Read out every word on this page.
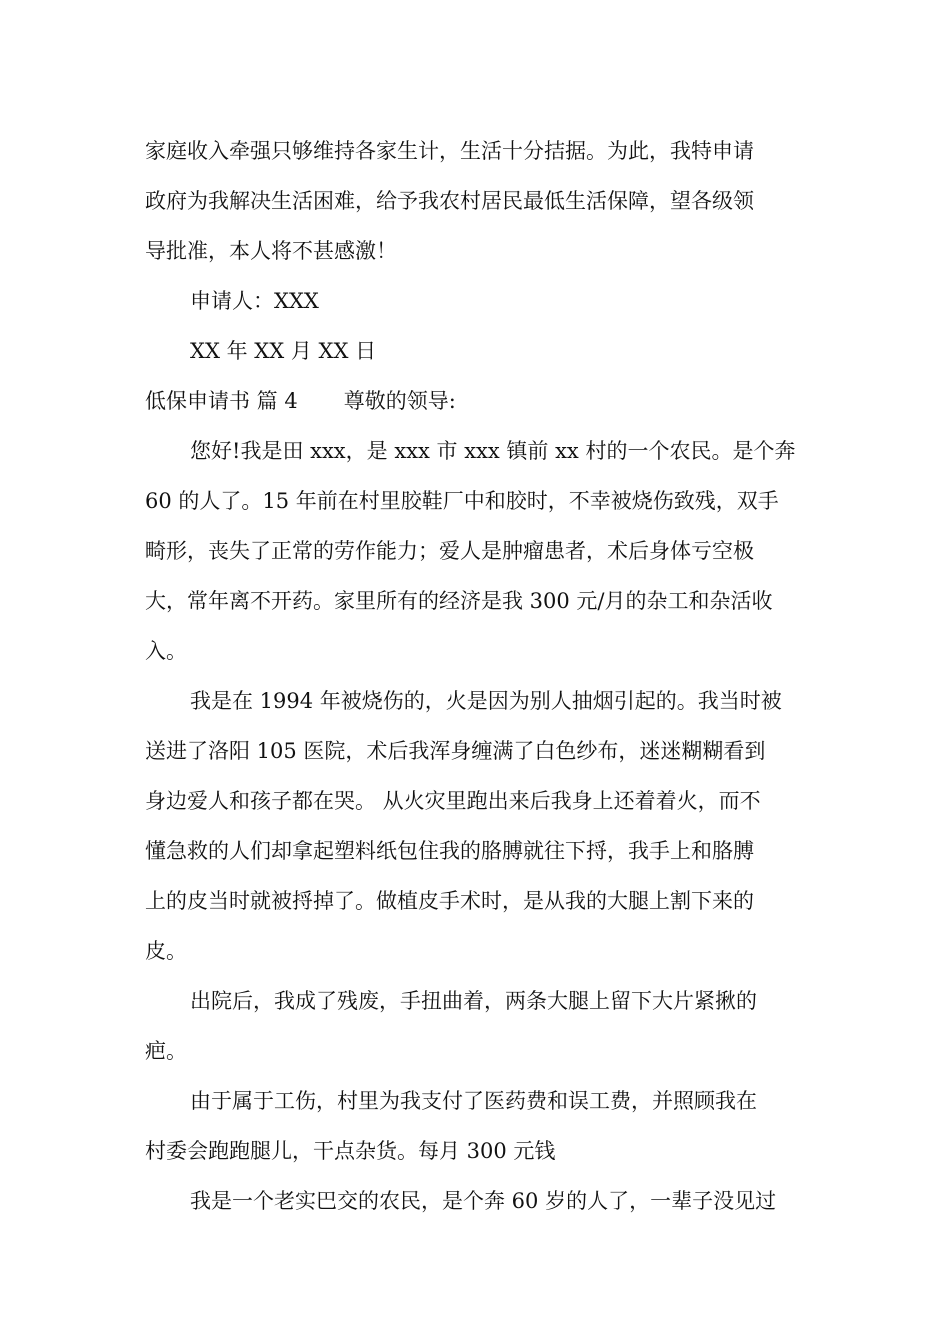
家庭收入牵强只够维持各家生计，生活十分拮据。为此，我特申请
政府为我解决生活困难，给予我农村居民最低生活保障，望各级领
导批准，本人将不甚感激！
申请人：XXX
XX 年 XX 月 XX 日
低保申请书 篇 4 尊敬的领导:
您好!我是田 xxx，是 xxx 市 xxx 镇前 xx 村的一个农民。是个奔
60 的人了。15 年前在村里胶鞋厂中和胶时，不幸被烧伤致残，双手
畸形，丧失了正常的劳作能力；爱人是肿瘤患者，术后身体亏空极
大，常年离不开药。家里所有的经济是我 300 元/月的杂工和杂活收
入。
我是在 1994 年被烧伤的，火是因为别人抽烟引起的。我当时被
送进了洛阳 105 医院，术后我浑身缠满了白色纱布，迷迷糊糊看到
身边爱人和孩子都在哭。 从火灾里跑出来后我身上还着着火，而不
懂急救的人们却拿起塑料纸包住我的胳膊就往下捋，我手上和胳膊
上的皮当时就被捋掉了。做植皮手术时，是从我的大腿上割下来的
皮。
出院后，我成了残废，手扭曲着，两条大腿上留下大片紧揪的
疤。
由于属于工伤，村里为我支付了医药费和误工费，并照顾我在
村委会跑跑腿儿，干点杂货。每月 300 元钱
我是一个老实巴交的农民，是个奔 60 岁的人了，一辈子没见过
